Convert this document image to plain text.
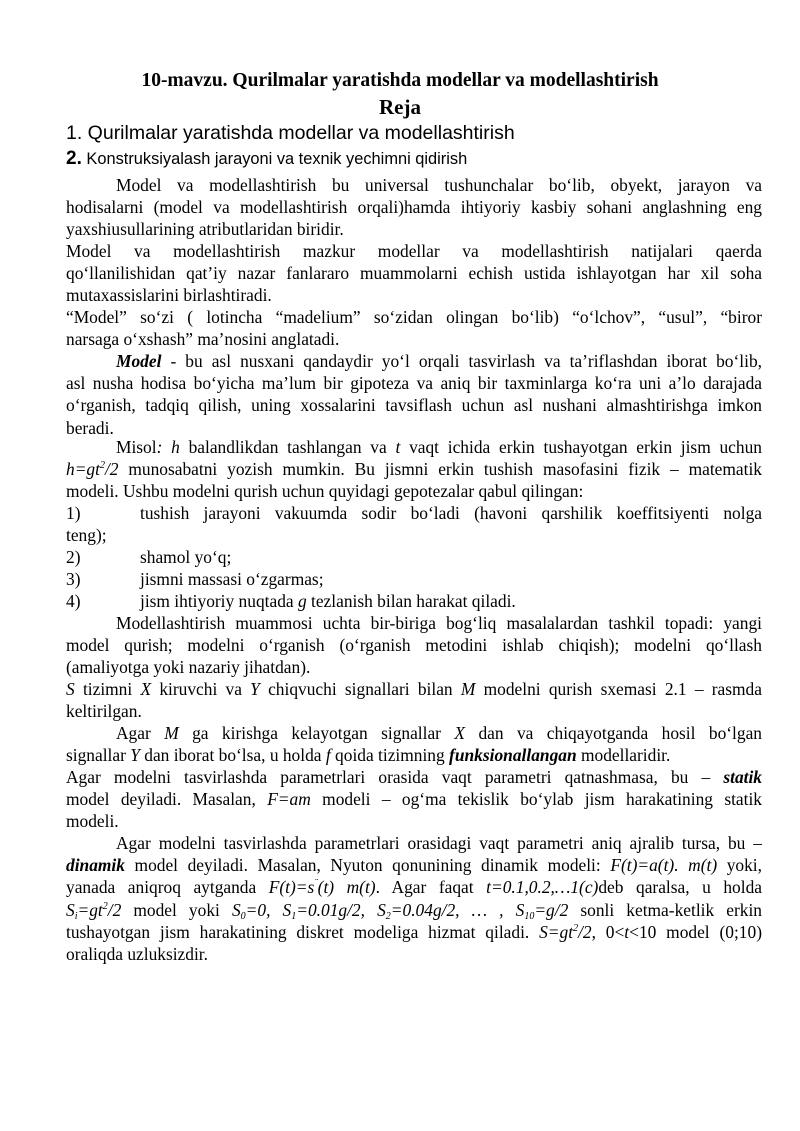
10-mavzu. Qurilmalar yaratishda modellar va modellashtirish
Reja
1. Qurilmalar yaratishda modellar va modellashtirish
2. Konstruksiyalash jarayoni va texnik yechimni qidirish
Model va modellashtirish bu universal tushunchalar bo‘lib, obyekt, jarayon va
hodisalarni (model va modellashtirish orqali)hamda ihtiyoriy kasbiy sohani anglashning eng
yaxshiusullarining atributlaridan biridir.
Model va modellashtirish mazkur modellar va modellashtirish natijalari qaerda
qo‘llanilishidan qat’iy nazar fanlararo muammolarni echish ustida ishlayotgan har xil soha
mutaxassislarini birlashtiradi.
“Model” so‘zi ( lotincha “madelium” so‘zidan olingan bo‘lib) “o‘lchov”, “usul”, “biror
narsaga o‘xshash” ma’nosini anglatadi.
Model - bu asl nusxani qandaydir yo‘l orqali tasvirlash va ta’riflashdan iborat bo‘lib,
asl nusha hodisa bo‘yicha ma’lum bir gipoteza va aniq bir taxminlarga ko‘ra uni a’lo darajada
o‘rganish, tadqiq qilish, uning xossalarini tavsiflash uchun asl nushani almashtirishga imkon
beradi.
Misol: h balandlikdan tashlangan va t vaqt ichida erkin tushayotgan erkin jism uchun
$h=gt^2/2$ munosabatni yozish mumkin. Bu jismni erkin tushish masofasini fizik – matematik
modeli. Ushbu modelni qurish uchun quyidagi gepotezalar qabul qilingan:
1)	tushish jarayoni vakuumda sodir bo‘ladi (havoni qarshilik koeffitsiyenti nolga
teng);
2)	shamol yo‘q;
3)	jismni massasi o‘zgarmas;
4)	jism ihtiyoriy nuqtada g tezlanish bilan harakat qiladi.
Modellashtirish muammosi uchta bir-biriga bog‘liq masalalardan tashkil topadi: yangi
model qurish; modelni o‘rganish (o‘rganish metodini ishlab chiqish); modelni qo‘llash
(amaliyotga yoki nazariy jihatdan).
S tizimni X kiruvchi va Y chiqvuchi signallari bilan M modelni qurish sxemasi 2.1 – rasmda
keltirilgan.
Agar M ga kirishga kelayotgan signallar X dan va chiqayotganda hosil bo‘lgan
signallar Y dan iborat bo‘lsa, u holda f qoida tizimning funksionallangan modellaridir.
Agar modelni tasvirlashda parametrlari orasida vaqt parametri qatnashmasa, bu – statik
model deyiladi. Masalan, F=am modeli – og‘ma tekislik bo‘ylab jism harakatining statik
modeli.
Agar modelni tasvirlashda parametrlari orasidagi vaqt parametri aniq ajralib tursa, bu –
dinamik model deyiladi. Masalan, Nyuton qonunining dinamik modeli: F(t)=a(t). m(t) yoki,
yanada aniqroq aytganda F(t)=s¨(t) m(t). Agar faqat t=0.1,0.2,…1(c)deb qaralsa, u holda
$S_i=gt^2/2$ model yoki $S_0=0$, $S_1=0.01g/2$, $S_2=0.04g/2$, … , $S_{10}=g/2$ sonli ketma-ketlik erkin
tushayotgan jism harakatining diskret modeliga hizmat qiladi. $S=gt^2/2$, 0<t<10 model (0;10)
oraliqda uzluksizdir.
